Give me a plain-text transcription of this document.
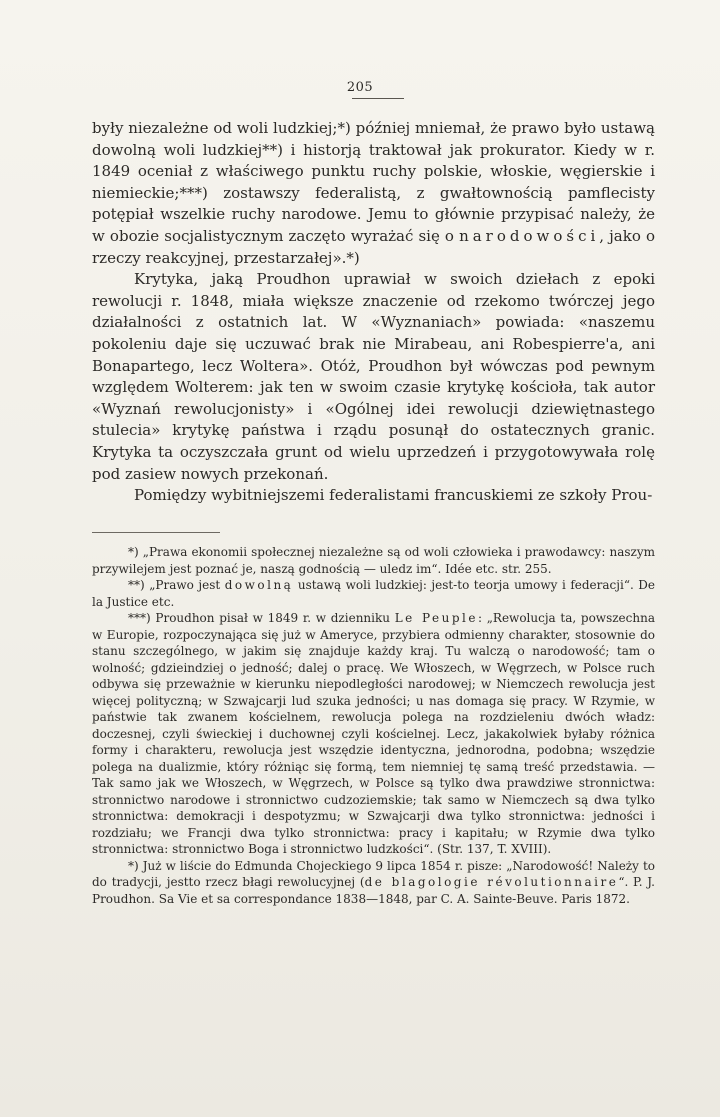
205

były niezależne od woli ludzkiej;*) później mniemał, że prawo było ustawą dowolną woli ludzkiej**) i historją traktował jak prokurator. Kiedy w r. 1849 oceniał z właściwego punktu ruchy polskie, włoskie, węgierskie i niemieckie;***) zostawszy federalistą, z gwałtownością pamflecisty potępiał wszelkie ruchy narodowe. Jemu to głównie przypisać należy, że w obozie socjalistycznym zaczęto wyrażać się o narodowości, jako o rzeczy reakcyjnej, przestarzałej».*)

Krytyka, jaką Proudhon uprawiał w swoich dziełach z epoki rewolucji r. 1848, miała większe znaczenie od rzekomo twórczej jego działalności z ostatnich lat. W «Wyznaniach» powiada: «naszemu pokoleniu daje się uczuwać brak nie Mirabeau, ani Robespierre'a, ani Bonapartego, lecz Woltera». Otóż, Proudhon był wówczas pod pewnym względem Wolterem: jak ten w swoim czasie krytykę kościoła, tak autor «Wyznań rewolucjonisty» i «Ogólnej idei rewolucji dziewiętnastego stulecia» krytykę państwa i rządu posunął do ostatecznych granic. Krytyka ta oczyszczała grunt od wielu uprzedzeń i przygotowywała rolę pod zasiew nowych przekonań.

Pomiędzy wybitniejszemi federalistami francuskiemi ze szkoły Prou-

*) „Prawa ekonomii społecznej niezależne są od woli człowieka i prawodawcy: naszym przywilejem jest poznać je, naszą godnością — uledz im“. Idée etc. str. 255.

**) „Prawo jest dowolną ustawą woli ludzkiej: jest-to teorja umowy i federacji“. De la Justice etc.

***) Proudhon pisał w 1849 r. w dzienniku Le Peuple: „Rewolucja ta, powszechna w Europie, rozpoczynająca się już w Ameryce, przybiera odmienny charakter, stosownie do stanu szczególnego, w jakim się znajduje każdy kraj. Tu walczą o narodowość; tam o wolność; gdzieindziej o jedność; dalej o pracę. We Włoszech, w Węgrzech, w Polsce ruch odbywa się przeważnie w kierunku niepodległości narodowej; w Niemczech rewolucja jest więcej polityczną; w Szwajcarji lud szuka jedności; u nas domaga się pracy. W Rzymie, w państwie tak zwanem kościelnem, rewolucja polega na rozdzieleniu dwóch władz: doczesnej, czyli świeckiej i duchownej czyli kościelnej. Lecz, jakakolwiek byłaby różnica formy i charakteru, rewolucja jest wszędzie identyczna, jednorodna, podobna; wszędzie polega na dualizmie, który różniąc się formą, tem niemniej tę samą treść przedstawia. — Tak samo jak we Włoszech, w Węgrzech, w Polsce są tylko dwa prawdziwe stronnictwa: stronnictwo narodowe i stronnictwo cudzoziemskie; tak samo w Niemczech są dwa tylko stronnictwa: demokracji i despotyzmu; w Szwajcarji dwa tylko stronnictwa: jedności i rozdziału; we Francji dwa tylko stronnictwa: pracy i kapitału; w Rzymie dwa tylko stronnictwa: stronnictwo Boga i stronnictwo ludzkości“. (Str. 137, T. XVIII).

*) Już w liście do Edmunda Chojeckiego 9 lipca 1854 r. pisze: „Narodowość! Należy to do tradycji, jestto rzecz błagi rewolucyjnej (de blagologie révolutionnaire“. P. J. Proudhon. Sa Vie et sa correspondance 1838—1848, par C. A. Sainte-Beuve. Paris 1872.
